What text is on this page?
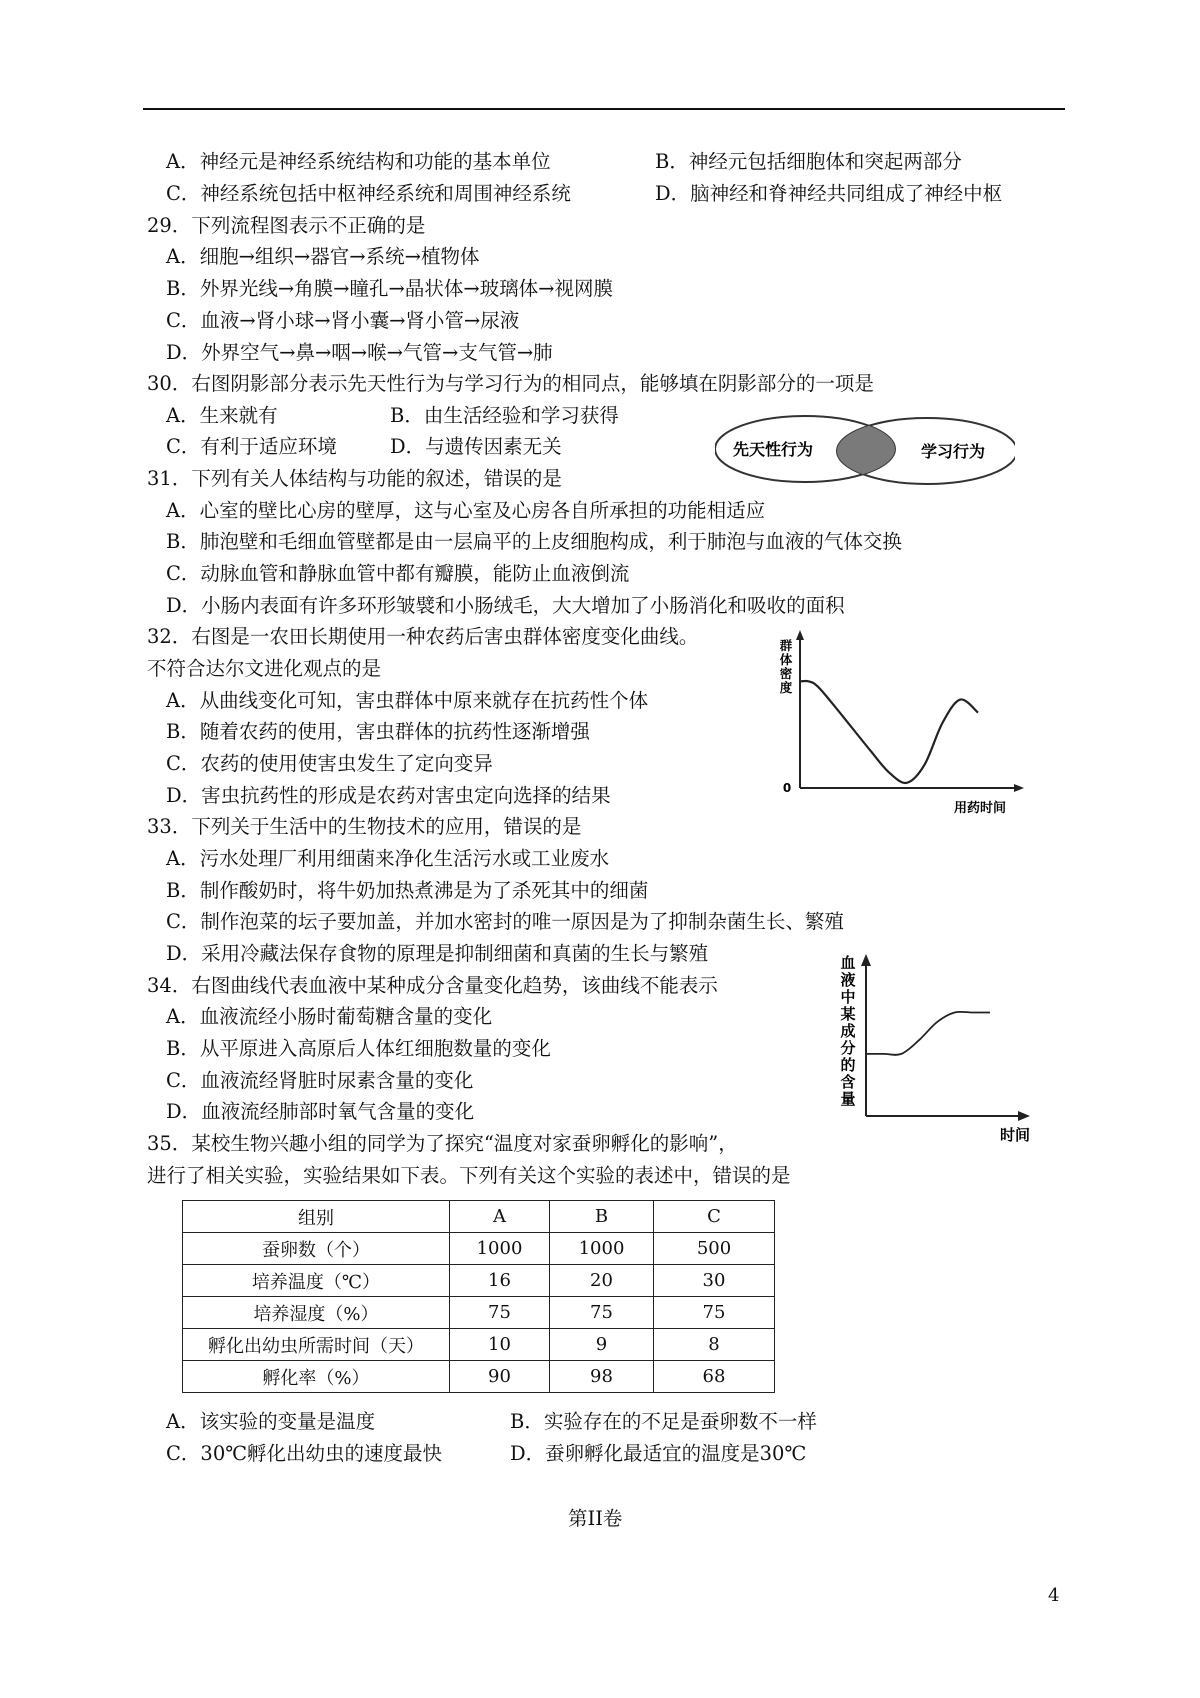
A．神经元是神经系统结构和功能的基本单位	B．神经元包括细胞体和突起两部分
C．神经系统包括中枢神经系统和周围神经系统	D．脑神经和脊神经共同组成了神经中枢
29．下列流程图表示不正确的是
A．细胞→组织→器官→系统→植物体
B．外界光线→角膜→瞳孔→晶状体→玻璃体→视网膜
C．血液→肾小球→肾小囊→肾小管→尿液
D．外界空气→鼻→咽→喉→气管→支气管→肺
30．右图阴影部分表示先天性行为与学习行为的相同点，能够填在阴影部分的一项是
A．生来就有	B．由生活经验和学习获得
C．有利于适应环境	D．与遗传因素无关	先天性行为	学习行为
31．下列有关人体结构与功能的叙述，错误的是
A．心室的壁比心房的壁厚，这与心室及心房各自所承担的功能相适应
B．肺泡壁和毛细血管壁都是由一层扁平的上皮细胞构成，利于肺泡与血液的气体交换
C．动脉血管和静脉血管中都有瓣膜，能防止血液倒流
D．小肠内表面有许多环形皱襞和小肠绒毛，大大增加了小肠消化和吸收的面积
32．右图是一农田长期使用一种农药后害虫群体密度变化曲线。
不符合达尔文进化观点的是
A．从曲线变化可知，害虫群体中原来就存在抗药性个体
B．随着农药的使用，害虫群体的抗药性逐渐增强
C．农药的使用使害虫发生了定向变异
D．害虫抗药性的形成是农药对害虫定向选择的结果
群体密度
0
用药时间
33．下列关于生活中的生物技术的应用，错误的是
A．污水处理厂利用细菌来净化生活污水或工业废水
B．制作酸奶时，将牛奶加热煮沸是为了杀死其中的细菌
C．制作泡菜的坛子要加盖，并加水密封的唯一原因是为了抑制杂菌生长、繁殖
D．采用冷藏法保存食物的原理是抑制细菌和真菌的生长与繁殖
34．右图曲线代表血液中某种成分含量变化趋势，该曲线不能表示
A．血液流经小肠时葡萄糖含量的变化
B．从平原进入高原后人体红细胞数量的变化
C．血液流经肾脏时尿素含量的变化
D．血液流经肺部时氧气含量的变化
血液中某成分的含量
时间
35．某校生物兴趣小组的同学为了探究“温度对家蚕卵孵化的影响”，
进行了相关实验，实验结果如下表。下列有关这个实验的表述中，错误的是
组别	A	B	C
蚕卵数（个）	1000	1000	500
培养温度（℃）	16	20	30
培养湿度（%）	75	75	75
孵化出幼虫所需时间（天）	10	9	8
孵化率（%）	90	98	68
A．该实验的变量是温度	B．实验存在的不足是蚕卵数不一样
C．30℃孵化出幼虫的速度最快	D．蚕卵孵化最适宜的温度是30℃
第II卷
4
